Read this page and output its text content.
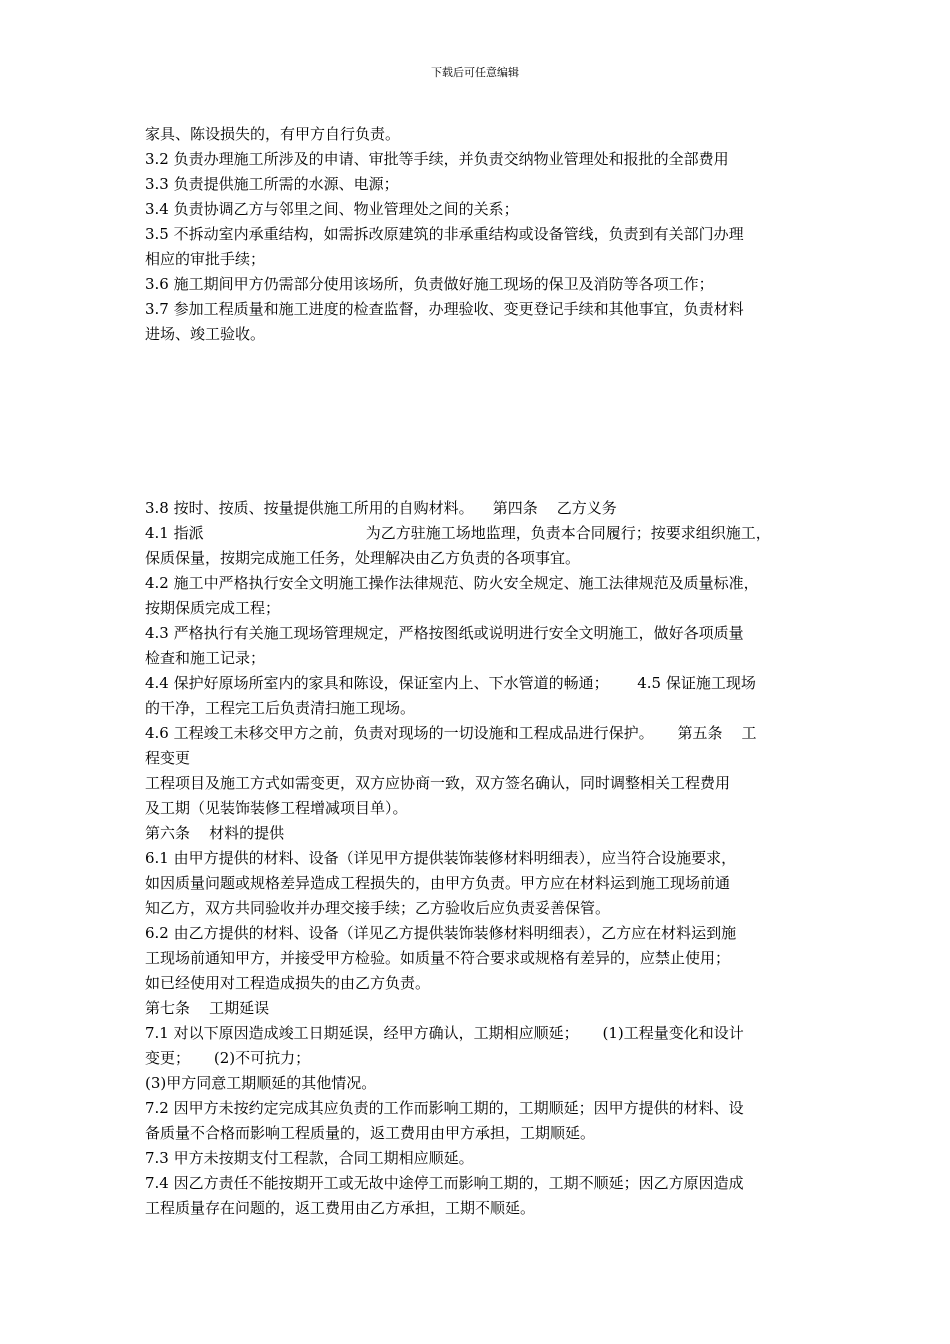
下载后可任意编辑

家具、陈设损失的，有甲方自行负责。

3.2 负责办理施工所涉及的申请、审批等手续，并负责交纳物业管理处和报批的全部费用

3.3 负责提供施工所需的水源、电源；

3.4 负责协调乙方与邻里之间、物业管理处之间的关系；

3.5 不拆动室内承重结构，如需拆改原建筑的非承重结构或设备管线，负责到有关部门办理

相应的审批手续；

3.6 施工期间甲方仍需部分使用该场所，负责做好施工现场的保卫及消防等各项工作；

3.7 参加工程质量和施工进度的检查监督，办理验收、变更登记手续和其他事宜，负责材料

进场、竣工验收。

3.8 按时、按质、按量提供施工所用的自购材料。    第四条    乙方义务

4.1 指派                                  为乙方驻施工场地监理，负责本合同履行；按要求组织施工，

保质保量，按期完成施工任务，处理解决由乙方负责的各项事宜。

4.2 施工中严格执行安全文明施工操作法律规范、防火安全规定、施工法律规范及质量标准，

按期保质完成工程；

4.3 严格执行有关施工现场管理规定，严格按图纸或说明进行安全文明施工，做好各项质量

检查和施工记录；

4.4 保护好原场所室内的家具和陈设，保证室内上、下水管道的畅通；      4.5 保证施工现场

的干净，工程完工后负责清扫施工现场。

4.6 工程竣工未移交甲方之前，负责对现场的一切设施和工程成品进行保护。     第五条    工

程变更

工程项目及施工方式如需变更，双方应协商一致，双方签名确认，同时调整相关工程费用

及工期（见装饰装修工程增减项目单）。

第六条    材料的提供

6.1 由甲方提供的材料、设备（详见甲方提供装饰装修材料明细表），应当符合设施要求，

如因质量问题或规格差异造成工程损失的，由甲方负责。甲方应在材料运到施工现场前通

知乙方，双方共同验收并办理交接手续；乙方验收后应负责妥善保管。

6.2 由乙方提供的材料、设备（详见乙方提供装饰装修材料明细表），乙方应在材料运到施

工现场前通知甲方，并接受甲方检验。如质量不符合要求或规格有差异的，应禁止使用；

如已经使用对工程造成损失的由乙方负责。

第七条    工期延误

7.1 对以下原因造成竣工日期延误，经甲方确认，工期相应顺延；     (1)工程量变化和设计

变更；     (2)不可抗力；

(3)甲方同意工期顺延的其他情况。

7.2 因甲方未按约定完成其应负责的工作而影响工期的，工期顺延；因甲方提供的材料、设

备质量不合格而影响工程质量的，返工费用由甲方承担，工期顺延。

7.3 甲方未按期支付工程款，合同工期相应顺延。

7.4 因乙方责任不能按期开工或无故中途停工而影响工期的，工期不顺延；因乙方原因造成

工程质量存在问题的，返工费用由乙方承担，工期不顺延。
